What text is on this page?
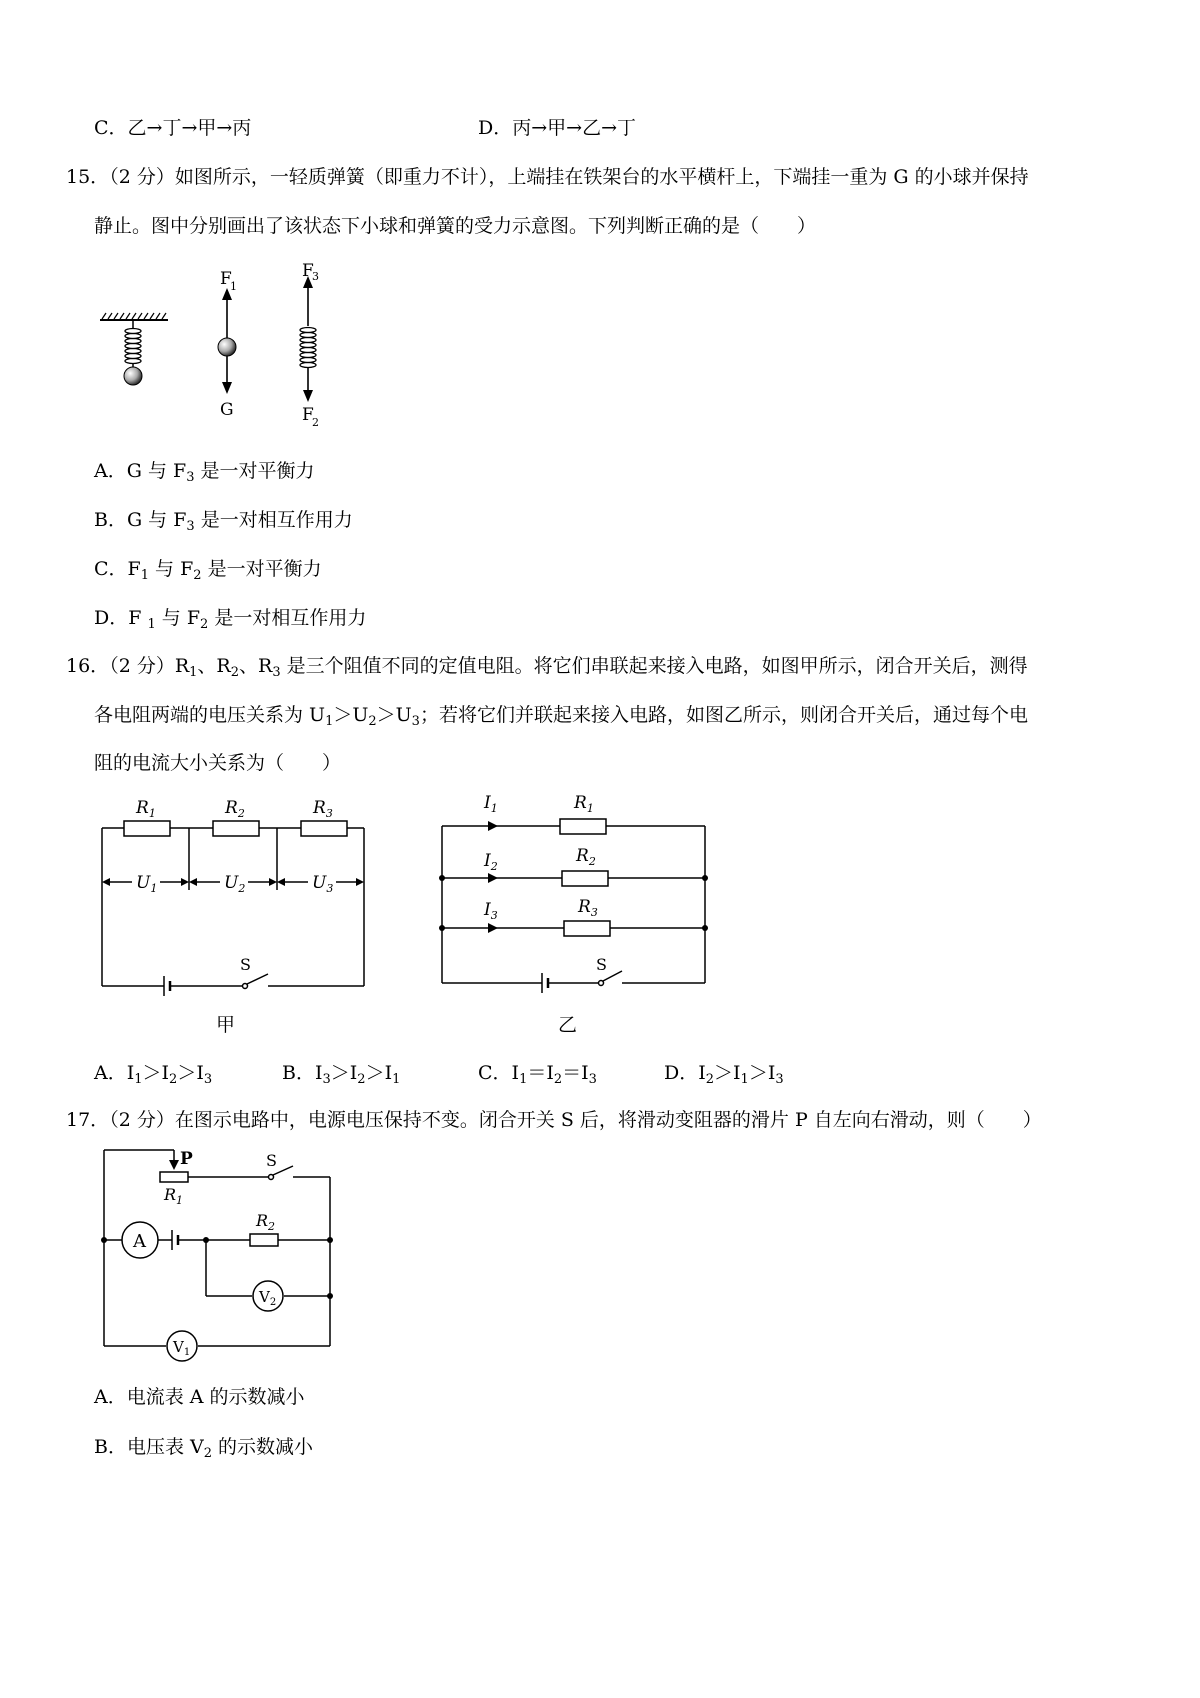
C．乙→丁→甲→丙	D．丙→甲→乙→丁
15．（2 分）如图所示，一轻质弹簧（即重力不计），上端挂在铁架台的水平横杆上，下端挂一重为 G 的小球并保持
静止。图中分别画出了该状态下小球和弹簧的受力示意图。下列判断正确的是（　　）
F
1
G
F
3
F
2
A．G 与 $F_3$ 是一对平衡力
B．G 与 $F_3$ 是一对相互作用力
C．$F_1$ 与 $F_2$ 是一对平衡力
D．F $_1$ 与 $F_2$ 是一对相互作用力
16．（2 分）$R_1$、$R_2$、$R_3$ 是三个阻值不同的定值电阻。将它们串联起来接入电路，如图甲所示，闭合开关后，测得
各电阻两端的电压关系为 $U_1>U_2>U_3$；若将它们并联起来接入电路，如图乙所示，则闭合开关后，通过每个电
阻的电流大小关系为（　　）
$R_1$	$R_2$	$R_3$
$U_1$	$U_2$	$U_3$
S
甲
$I_1$
$I_2$
$I_3$
$R_1$
$R_2$
$R_3$
S
乙
A．$I_1>I_2>I_3$	B．$I_3>I_2>I_1$	C．$I_1=I_2=I_3$	D．$I_2>I_1>I_3$
17．（2 分）在图示电路中，电源电压保持不变。闭合开关 S 后，将滑动变阻器的滑片 P 自左向右滑动，则（　　）
P
$R_1$
S
$R_2$
A
$V_2$
$V_1$
A．电流表 A 的示数减小
B．电压表 $V_2$ 的示数减小
